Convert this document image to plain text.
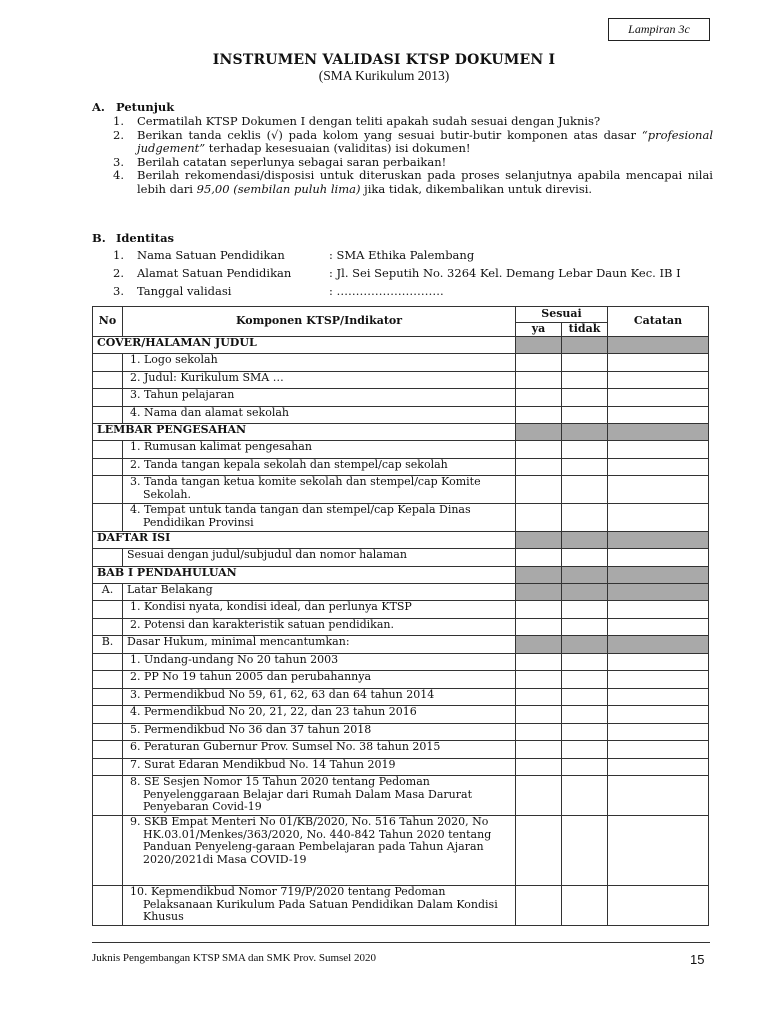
Lampiran 3c
INSTRUMEN VALIDASI KTSP DOKUMEN I
(SMA Kurikulum 2013)
A. Petunjuk
1. Cermatilah KTSP Dokumen I dengan teliti apakah sudah sesuai dengan Juknis?
2. Berikan tanda ceklis (√) pada kolom yang sesuai butir-butir komponen atas dasar “profesional judgement” terhadap kesesuaian (validitas) isi dokumen!
3. Berilah catatan seperlunya sebagai saran perbaikan!
4. Berilah rekomendasi/disposisi untuk diteruskan pada proses selanjutnya apabila mencapai nilai lebih dari 95,00 (sembilan puluh lima) jika tidak, dikembalikan untuk direvisi.
B. Identitas
1. Nama Satuan Pendidikan	: SMA Ethika Palembang
2. Alamat Satuan Pendidikan	: Jl. Sei Seputih No. 3264 Kel. Demang Lebar Daun Kec. IB I
3. Tanggal validasi	: ……………………….
No	Komponen KTSP/Indikator	Sesuai		Catatan
		ya	tidak	
COVER/HALAMAN JUDUL				
	1. Logo sekolah			
	2. Judul: Kurikulum SMA …			
	3. Tahun pelajaran			
	4. Nama dan alamat sekolah			
LEMBAR PENGESAHAN				
	1. Rumusan kalimat pengesahan			
	2. Tanda tangan kepala sekolah dan stempel/cap sekolah			
	3. Tanda tangan ketua komite sekolah dan stempel/cap Komite Sekolah.			
	4. Tempat untuk tanda tangan dan stempel/cap Kepala Dinas Pendidikan Provinsi			
DAFTAR ISI				
	Sesuai dengan judul/subjudul dan nomor halaman			
BAB I PENDAHULUAN				
A.	Latar Belakang			
	1. Kondisi nyata, kondisi ideal, dan perlunya KTSP			
	2. Potensi dan karakteristik satuan pendidikan.			
B.	Dasar Hukum, minimal mencantumkan:			
	1. Undang-undang No 20 tahun 2003			
	2. PP No 19 tahun 2005 dan perubahannya			
	3. Permendikbud No 59, 61, 62, 63 dan 64 tahun 2014			
	4. Permendikbud No 20, 21, 22, dan 23 tahun 2016			
	5. Permendikbud No 36 dan 37 tahun 2018			
	6. Peraturan Gubernur Prov. Sumsel No. 38 tahun 2015			
	7. Surat Edaran Mendikbud No. 14 Tahun 2019			
	8. SE Sesjen Nomor 15 Tahun 2020 tentang Pedoman Penyelenggaraan Belajar dari Rumah Dalam Masa Darurat Penyebaran Covid-19			
	9. SKB Empat Menteri No 01/KB/2020, No. 516 Tahun 2020, No HK.03.01/Menkes/363/2020, No. 440-842 Tahun 2020 tentang Panduan Penyeleng-garaan Pembelajaran pada Tahun Ajaran 2020/2021di Masa COVID-19			
	10. Kepmendikbud Nomor 719/P/2020 tentang Pedoman Pelaksanaan Kurikulum Pada Satuan Pendidikan Dalam Kondisi Khusus			
Juknis Pengembangan KTSP SMA dan SMK Prov. Sumsel 2020	15
